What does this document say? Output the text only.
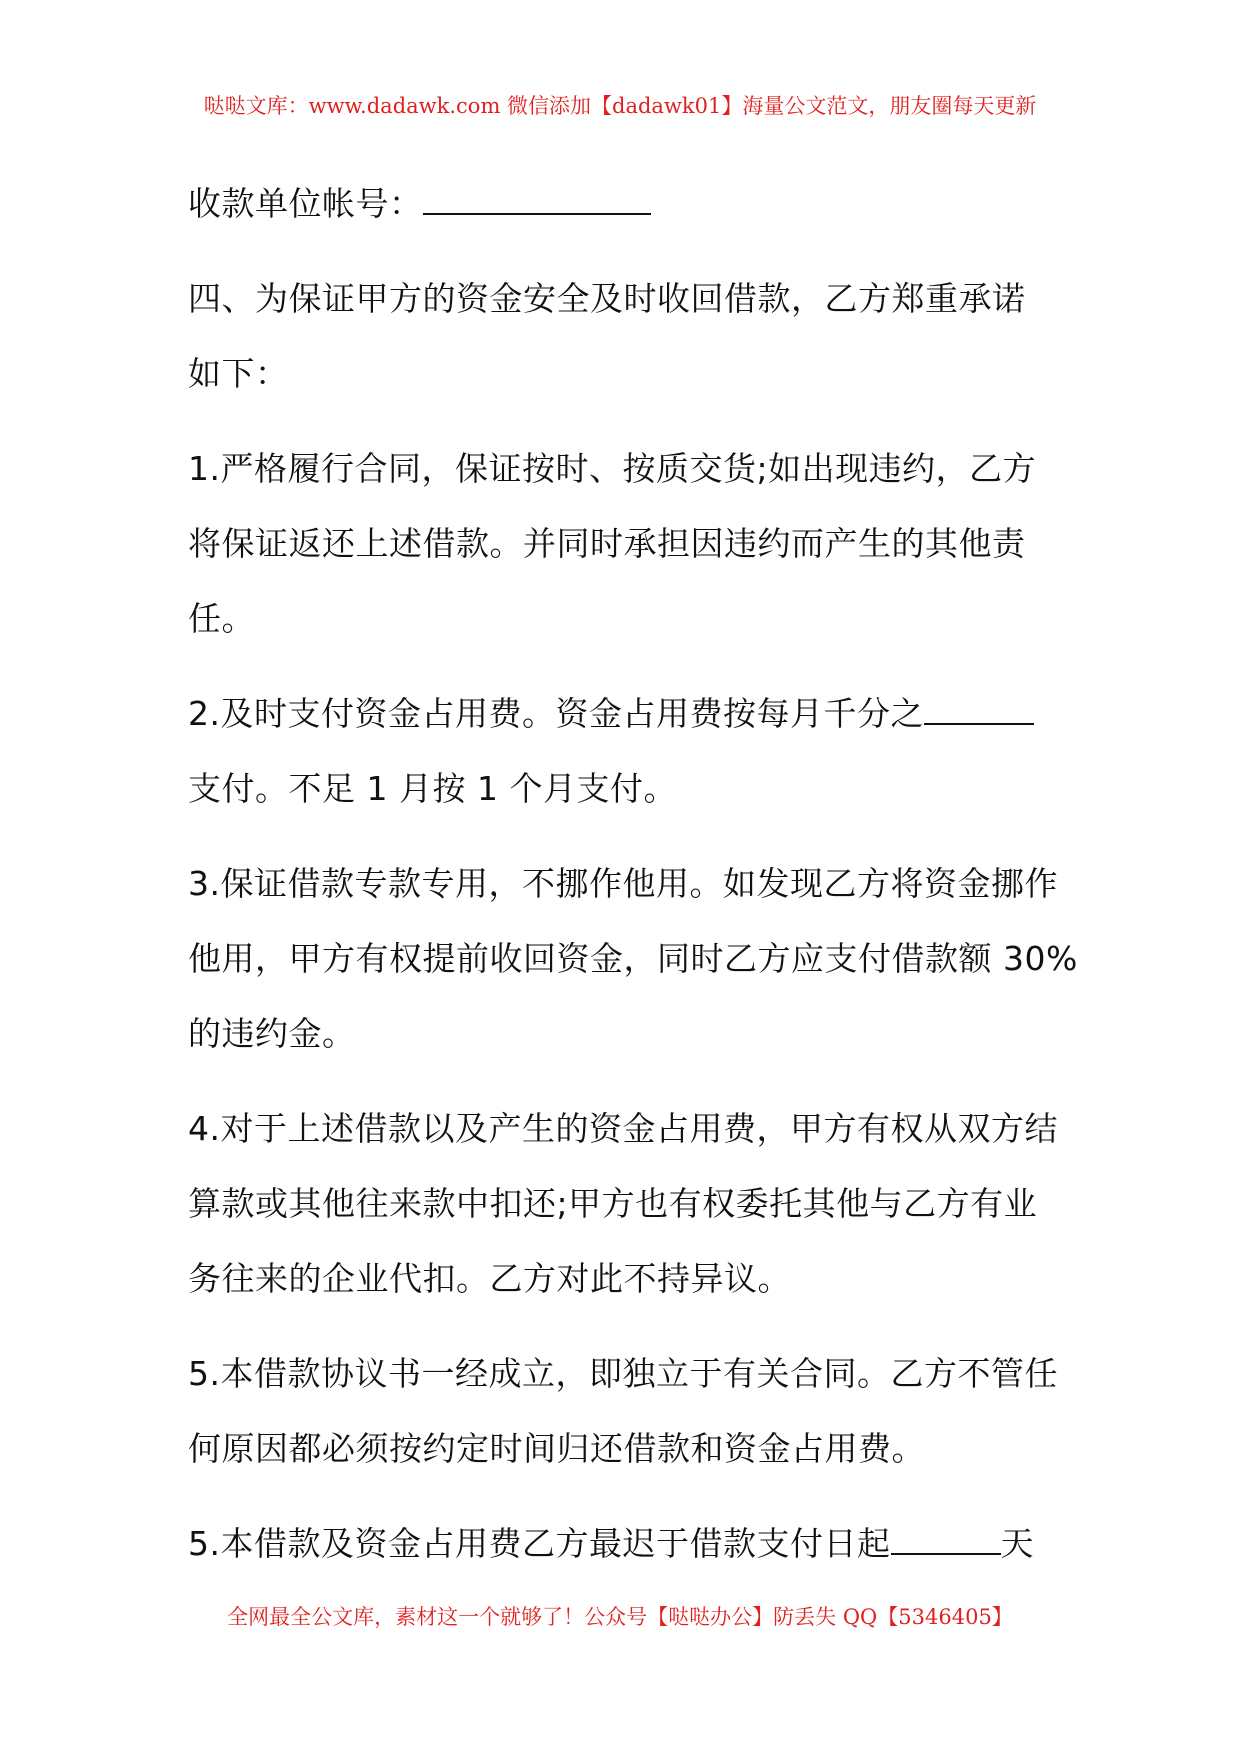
哒哒文库：www.dadawk.com 微信添加【dadawk01】海量公文范文，朋友圈每天更新

收款单位帐号：

四、为保证甲方的资金安全及时收回借款，乙方郑重承诺
如下：

1.严格履行合同，保证按时、按质交货;如出现违约，乙方
将保证返还上述借款。并同时承担因违约而产生的其他责
任。

2.及时支付资金占用费。资金占用费按每月千分之
支付。不足 1 月按 1 个月支付。

3.保证借款专款专用，不挪作他用。如发现乙方将资金挪作
他用，甲方有权提前收回资金，同时乙方应支付借款额 30%
的违约金。

4.对于上述借款以及产生的资金占用费，甲方有权从双方结
算款或其他往来款中扣还;甲方也有权委托其他与乙方有业
务往来的企业代扣。乙方对此不持异议。

5.本借款协议书一经成立，即独立于有关合同。乙方不管任
何原因都必须按约定时间归还借款和资金占用费。

5.本借款及资金占用费乙方最迟于借款支付日起	天

全网最全公文库，素材这一个就够了！公众号【哒哒办公】防丢失 QQ【5346405】
